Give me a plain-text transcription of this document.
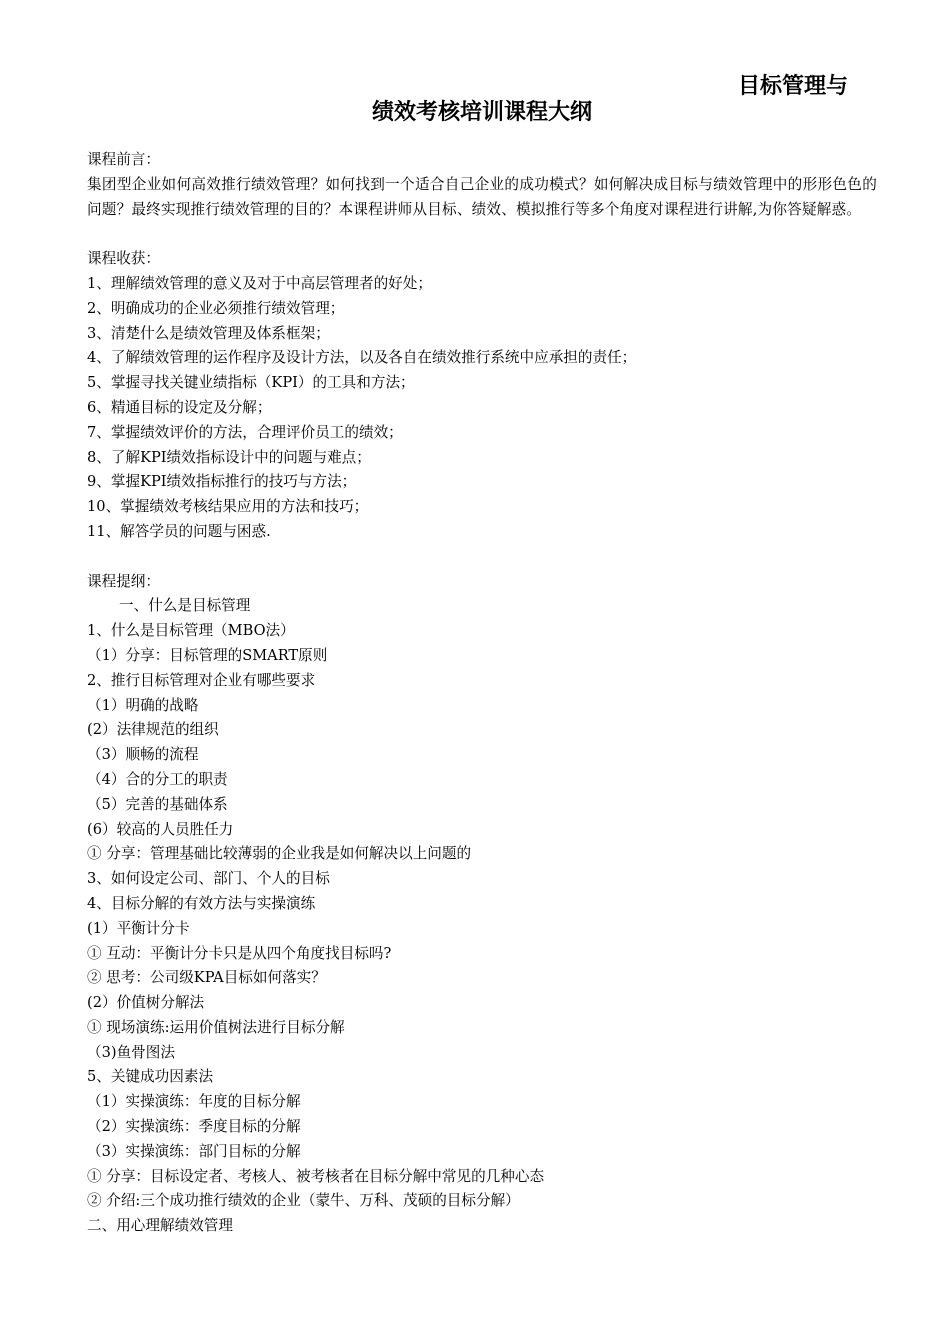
目标管理与
绩效考核培训课程大纲

课程前言：

集团型企业如何高效推行绩效管理？如何找到一个适合自己企业的成功模式？如何解决成目标与绩效管理中的形形色色的问题？最终实现推行绩效管理的目的？本课程讲师从目标、绩效、模拟推行等多个角度对课程进行讲解,为你答疑解惑。

课程收获：

1、理解绩效管理的意义及对于中高层管理者的好处；

2、明确成功的企业必须推行绩效管理；

3、清楚什么是绩效管理及体系框架；

4、了解绩效管理的运作程序及设计方法，以及各自在绩效推行系统中应承担的责任；

5、掌握寻找关键业绩指标（KPI）的工具和方法；

6、精通目标的设定及分解；

7、掌握绩效评价的方法，合理评价员工的绩效；

8、了解KPI绩效指标设计中的问题与难点；

9、掌握KPI绩效指标推行的技巧与方法；

10、掌握绩效考核结果应用的方法和技巧；

11、解答学员的问题与困惑.

课程提纲：

一、什么是目标管理

1、什么是目标管理（MBO法）

（1）分享：目标管理的SMART原则

2、推行目标管理对企业有哪些要求

（1）明确的战略

(2）法律规范的组织

（3）顺畅的流程

（4）合的分工的职责

（5）完善的基础体系

(6）较高的人员胜任力

① 分享：管理基础比较薄弱的企业我是如何解决以上问题的

3、如何设定公司、部门、个人的目标

4、目标分解的有效方法与实操演练

(1）平衡计分卡

① 互动：平衡计分卡只是从四个角度找目标吗?

② 思考：公司级KPA目标如何落实？

(2）价值树分解法

① 现场演练:运用价值树法进行目标分解

（3)鱼骨图法

5、关键成功因素法

（1）实操演练：年度的目标分解

（2）实操演练：季度目标的分解

（3）实操演练：部门目标的分解

① 分享：目标设定者、考核人、被考核者在目标分解中常见的几种心态

② 介绍:三个成功推行绩效的企业（蒙牛、万科、茂硕的目标分解）

二、用心理解绩效管理
